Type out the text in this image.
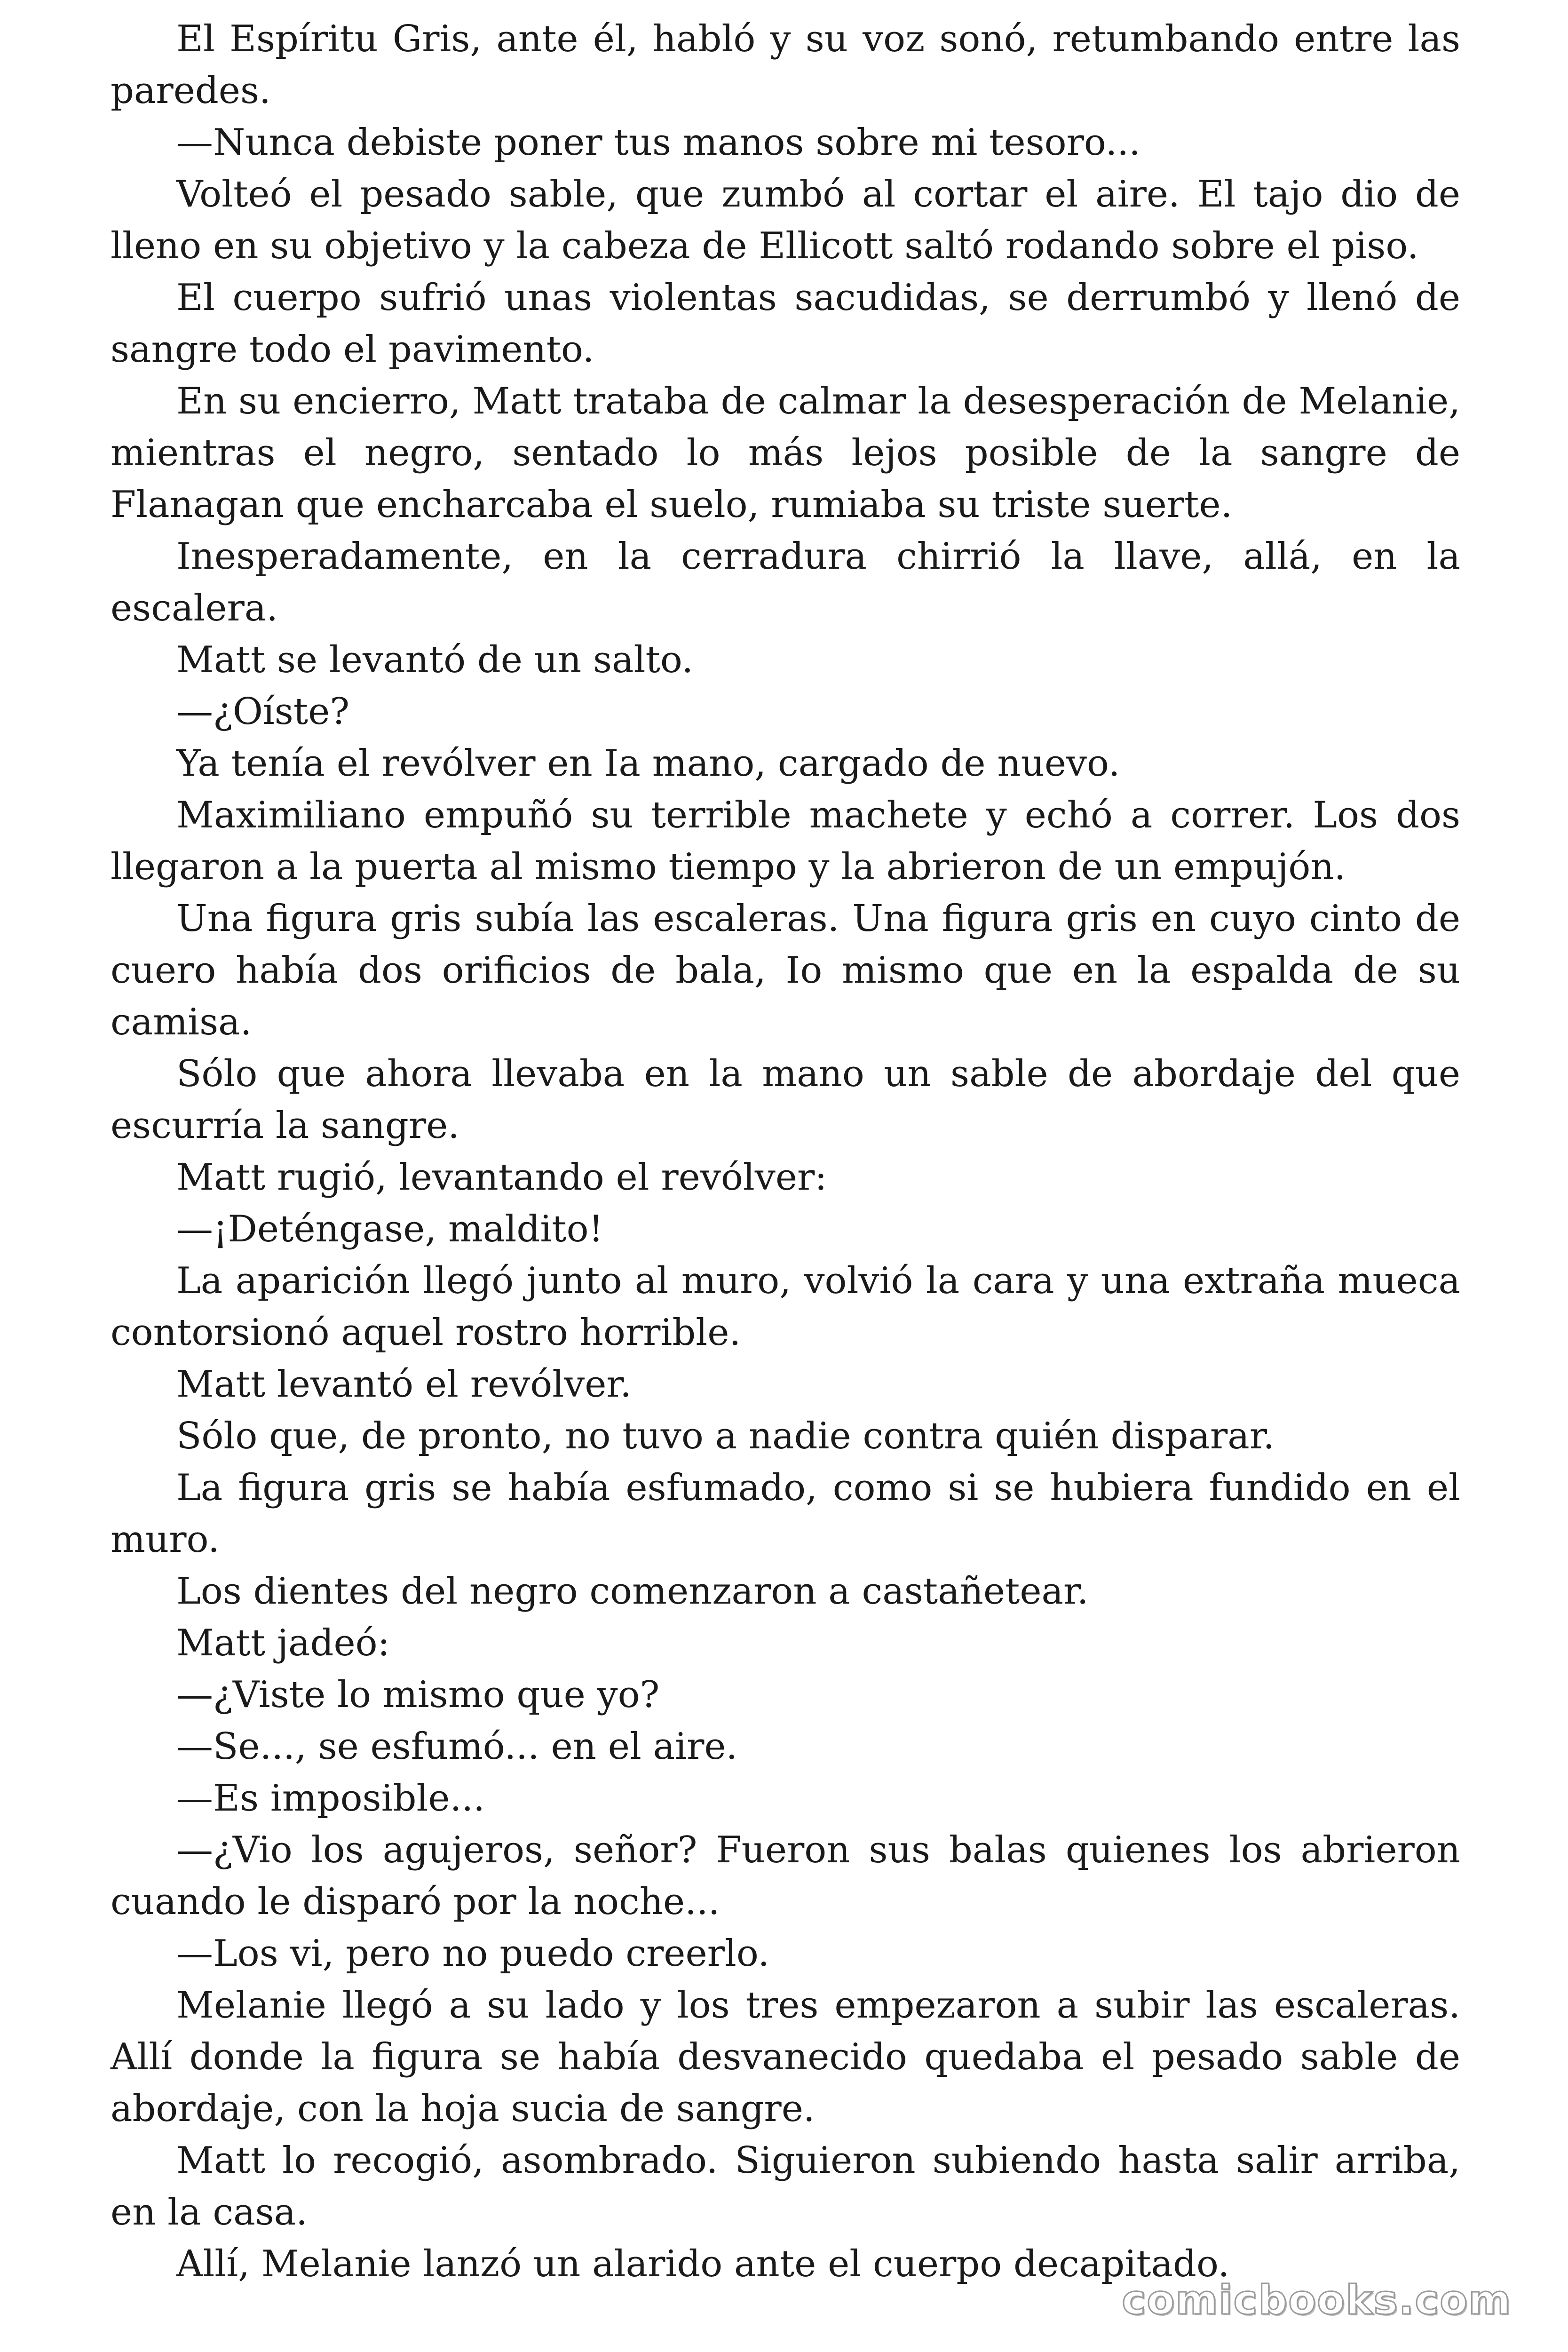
El Espíritu Gris, ante él, habló y su voz sonó, retumbando entre las paredes.

—Nunca debiste poner tus manos sobre mi tesoro...

Volteó el pesado sable, que zumbó al cortar el aire. El tajo dio de lleno en su objetivo y la cabeza de Ellicott saltó rodando sobre el piso.

El cuerpo sufrió unas violentas sacudidas, se derrumbó y llenó de sangre todo el pavimento.

En su encierro, Matt trataba de calmar la desesperación de Melanie, mientras el negro, sentado lo más lejos posible de la sangre de Flanagan que encharcaba el suelo, rumiaba su triste suerte.

Inesperadamente, en la cerradura chirrió la llave, allá, en la escalera.

Matt se levantó de un salto.

—¿Oíste?

Ya tenía el revólver en Ia mano, cargado de nuevo.

Maximiliano empuñó su terrible machete y echó a correr. Los dos llegaron a la puerta al mismo tiempo y la abrieron de un empujón.

Una figura gris subía las escaleras. Una figura gris en cuyo cinto de cuero había dos orificios de bala, Io mismo que en la espalda de su camisa.

Sólo que ahora llevaba en la mano un sable de abordaje del que escurría la sangre.

Matt rugió, levantando el revólver:

—¡Deténgase, maldito!

La aparición llegó junto al muro, volvió la cara y una extraña mueca contorsionó aquel rostro horrible.

Matt levantó el revólver.

Sólo que, de pronto, no tuvo a nadie contra quién disparar.

La figura gris se había esfumado, como si se hubiera fundido en el muro.

Los dientes del negro comenzaron a castañetear.

Matt jadeó:

—¿Viste lo mismo que yo?

—Se..., se esfumó... en el aire.

—Es imposible...

—¿Vio los agujeros, señor? Fueron sus balas quienes los abrieron cuando le disparó por la noche...

—Los vi, pero no puedo creerlo.

Melanie llegó a su lado y los tres empezaron a subir las escaleras. Allí donde la figura se había desvanecido quedaba el pesado sable de abordaje, con la hoja sucia de sangre.

Matt lo recogió, asombrado. Siguieron subiendo hasta salir arriba, en la casa.

Allí, Melanie lanzó un alarido ante el cuerpo decapitado.

comicbooks.com
